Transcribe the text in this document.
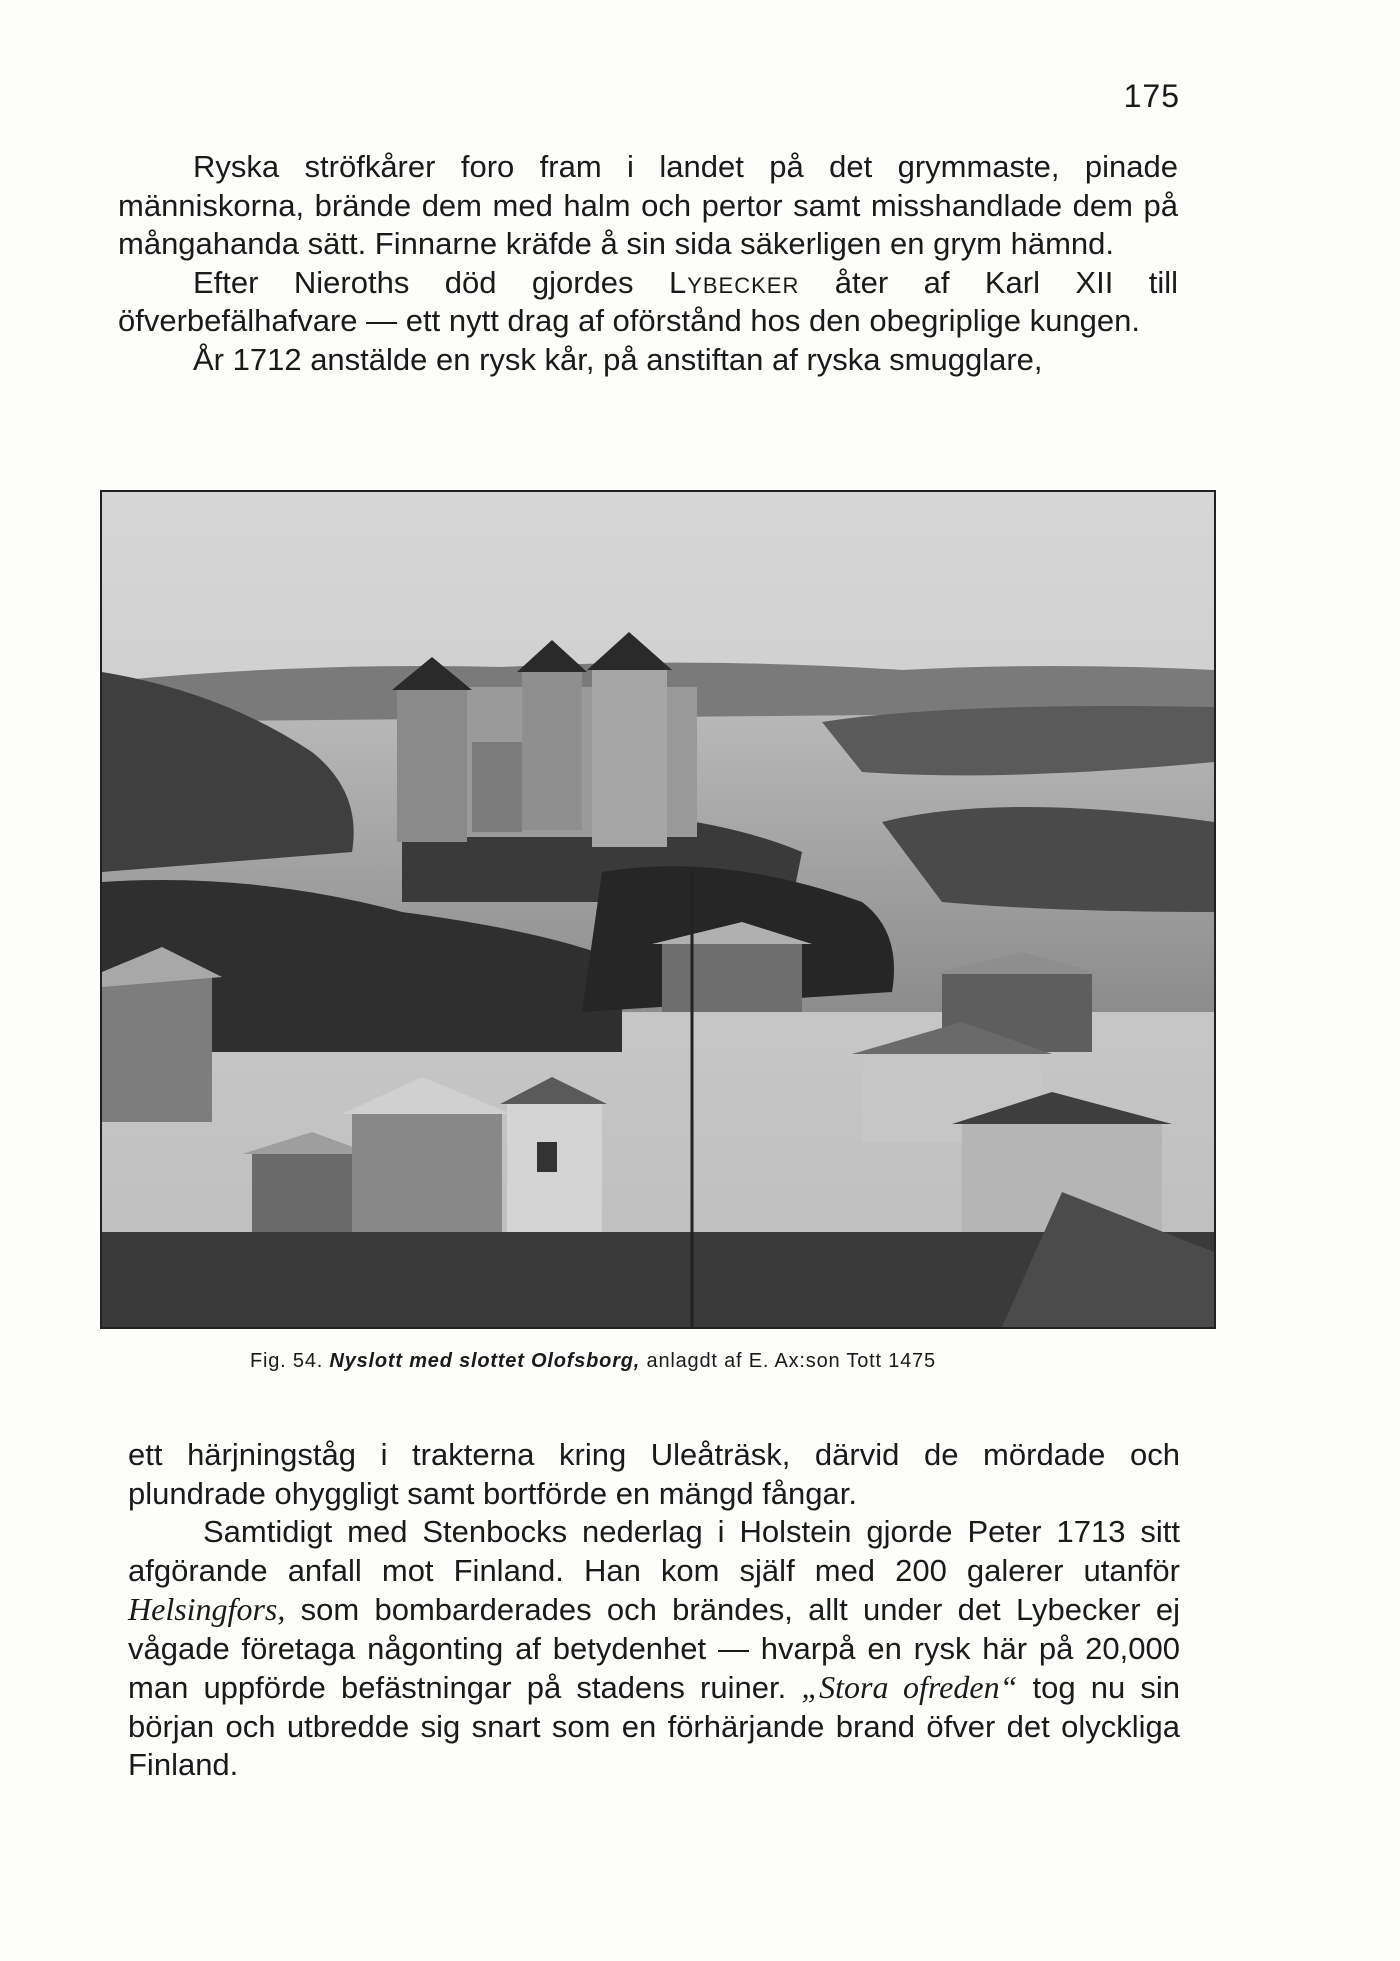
175

Ryska ströfkårer foro fram i landet på det grymmaste, pinade människorna, brände dem med halm och pertor samt misshandlade dem på mångahanda sätt. Finnarne kräfde å sin sida säkerligen en grym hämnd.

Efter Nieroths död gjordes Lybecker åter af Karl XII till öfverbefälhafvare — ett nytt drag af oförstånd hos den obegriplige kungen.

År 1712 anstälde en rysk kår, på anstiftan af ryska smugglare,

Fig. 54. Nyslott med slottet Olofsborg, anlagdt af E. Ax:son Tott 1475

ett härjningståg i trakterna kring Uleåträsk, därvid de mördade och plundrade ohyggligt samt bortförde en mängd fångar.

Samtidigt med Stenbocks nederlag i Holstein gjorde Peter 1713 sitt afgörande anfall mot Finland. Han kom själf med 200 galerer utanför Helsingfors, som bombarderades och brändes, allt under det Lybecker ej vågade företaga någonting af betydenhet — hvarpå en rysk här på 20,000 man uppförde befästningar på stadens ruiner. „Stora ofreden“ tog nu sin början och utbredde sig snart som en förhärjande brand öfver det olyckliga Finland.
